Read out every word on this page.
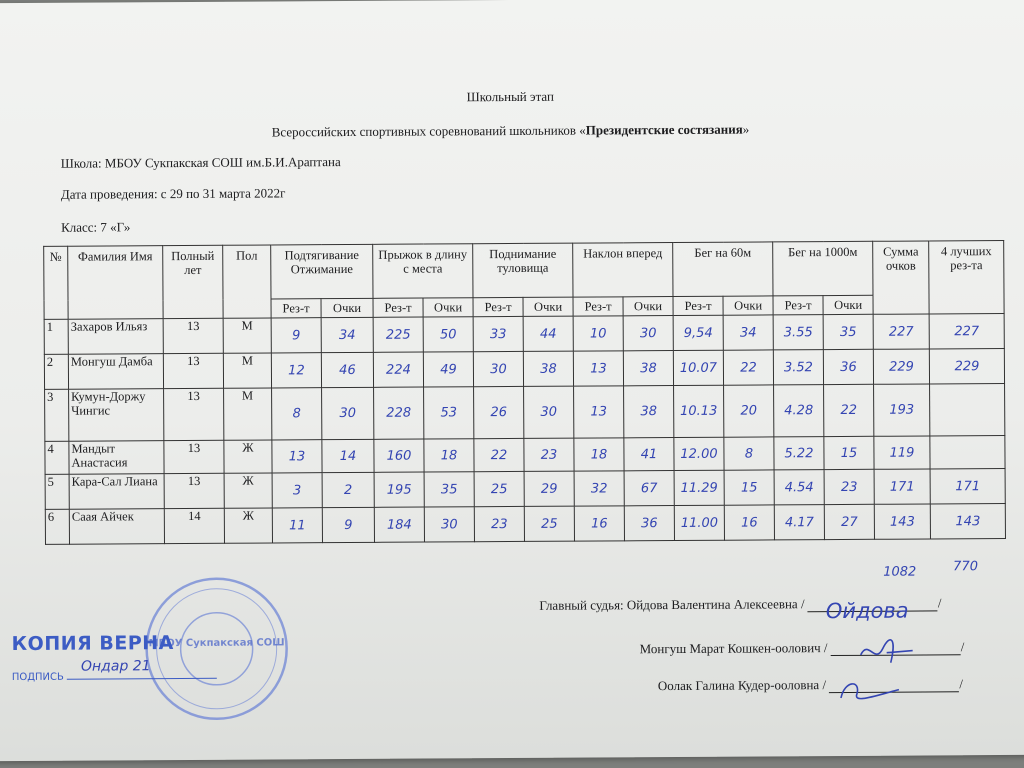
Школьный этап
Всероссийских спортивных соревнований школьников «Президентские состязания»
Школа: МБОУ Сукпакская СОШ им.Б.И.Араптана
Дата проведения: с 29 по 31 марта 2022г
Класс: 7 «Г»
№	Фамилия Имя	Полный лет	Пол	Подтягивание Отжимание		Прыжок в длину с места		Поднимание туловища		Наклон вперед		Бег на 60м		Бег на 1000м		Сумма очков	4 лучших рез-та
				Рез-т	Очки	Рез-т	Очки	Рез-т	Очки	Рез-т	Очки	Рез-т	Очки	Рез-т	Очки		
1	Захаров Ильяз	13	М	9	34	225	50	33	44	10	30	9,54	34	3.55	35	227	227
2	Монгуш Дамба	13	М	12	46	224	49	30	38	13	38	10.07	22	3.52	36	229	229
3	Кумун-Доржу Чингис	13	М	8	30	228	53	26	30	13	38	10.13	20	4.28	22	193	
4	Мандыт Анастасия	13	Ж	13	14	160	18	22	23	18	41	12.00	8	5.22	15	119	
5	Кара-Сал Лиана	13	Ж	3	2	195	35	25	29	32	67	11.29	15	4.54	23	171	171
6	Саая Айчек	14	Ж	11	9	184	30	23	25	16	36	11.00	16	4.17	27	143	143
1082	770
Главный судья: Ойдова Валентина Алексеевна / Ойдова /
Монгуш Марат Кошкен-оолович /	/
Оолак Галина Кудер-ооловна /	/
МБОУ Сукпакская СОШ
КОПИЯ ВЕРНА
ПОДПИСЬ
Ондар 21
